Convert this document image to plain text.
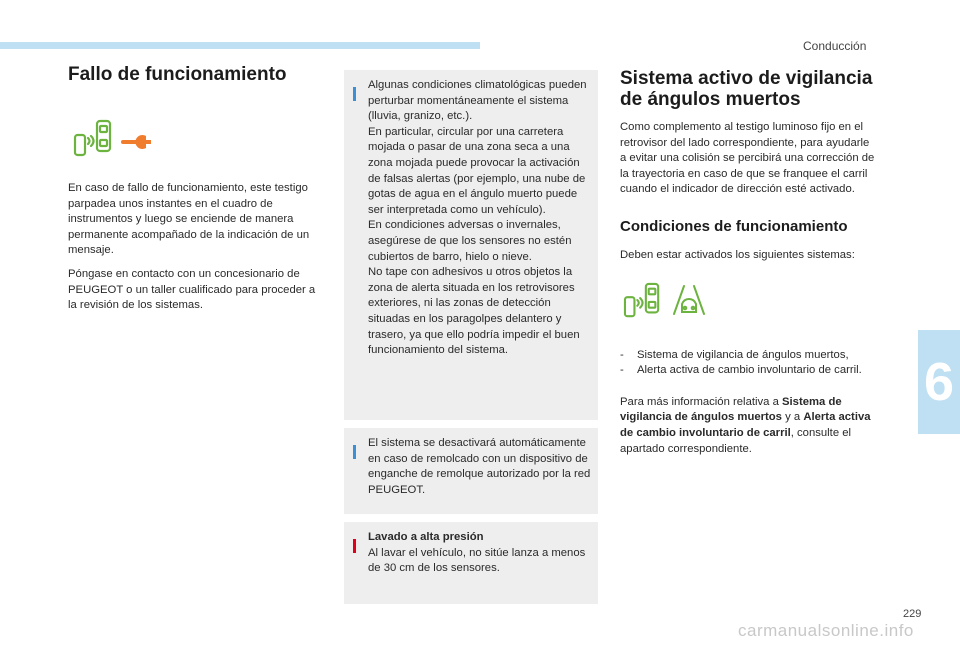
Conducción
Fallo de funcionamiento

En caso de fallo de funcionamiento, este testigo parpadea unos instantes en el cuadro de instrumentos y luego se enciende de manera permanente acompañado de la indicación de un mensaje.

Póngase en contacto con un concesionario de PEUGEOT o un taller cualificado para proceder a la revisión de los sistemas.

Algunas condiciones climatológicas pueden perturbar momentáneamente el sistema (lluvia, granizo, etc.).

En particular, circular por una carretera mojada o pasar de una zona seca a una zona mojada puede provocar la activación de falsas alertas (por ejemplo, una nube de gotas de agua en el ángulo muerto puede ser interpretada como un vehículo).

En condiciones adversas o invernales, asegúrese de que los sensores no estén cubiertos de barro, hielo o nieve.

No tape con adhesivos u otros objetos la zona de alerta situada en los retrovisores exteriores, ni las zonas de detección situadas en los paragolpes delantero y trasero, ya que ello podría impedir el buen funcionamiento del sistema.

El sistema se desactivará automáticamente en caso de remolcado con un dispositivo de enganche de remolque autorizado por la red PEUGEOT.

Lavado a alta presión

Al lavar el vehículo, no sitúe lanza a menos de 30 cm de los sensores.

Sistema activo de vigilancia de ángulos muertos

Como complemento al testigo luminoso fijo en el retrovisor del lado correspondiente, para ayudarle a evitar una colisión se percibirá una corrección de la trayectoria en caso de que se franquee el carril cuando el indicador de dirección esté activado.

Condiciones de funcionamiento

Deben estar activados los siguientes sistemas:

- Sistema de vigilancia de ángulos muertos,
- Alerta activa de cambio involuntario de carril.

Para más información relativa a Sistema de vigilancia de ángulos muertos y a Alerta activa de cambio involuntario de carril, consulte el apartado correspondiente.

6
229
carmanualsonline.info
